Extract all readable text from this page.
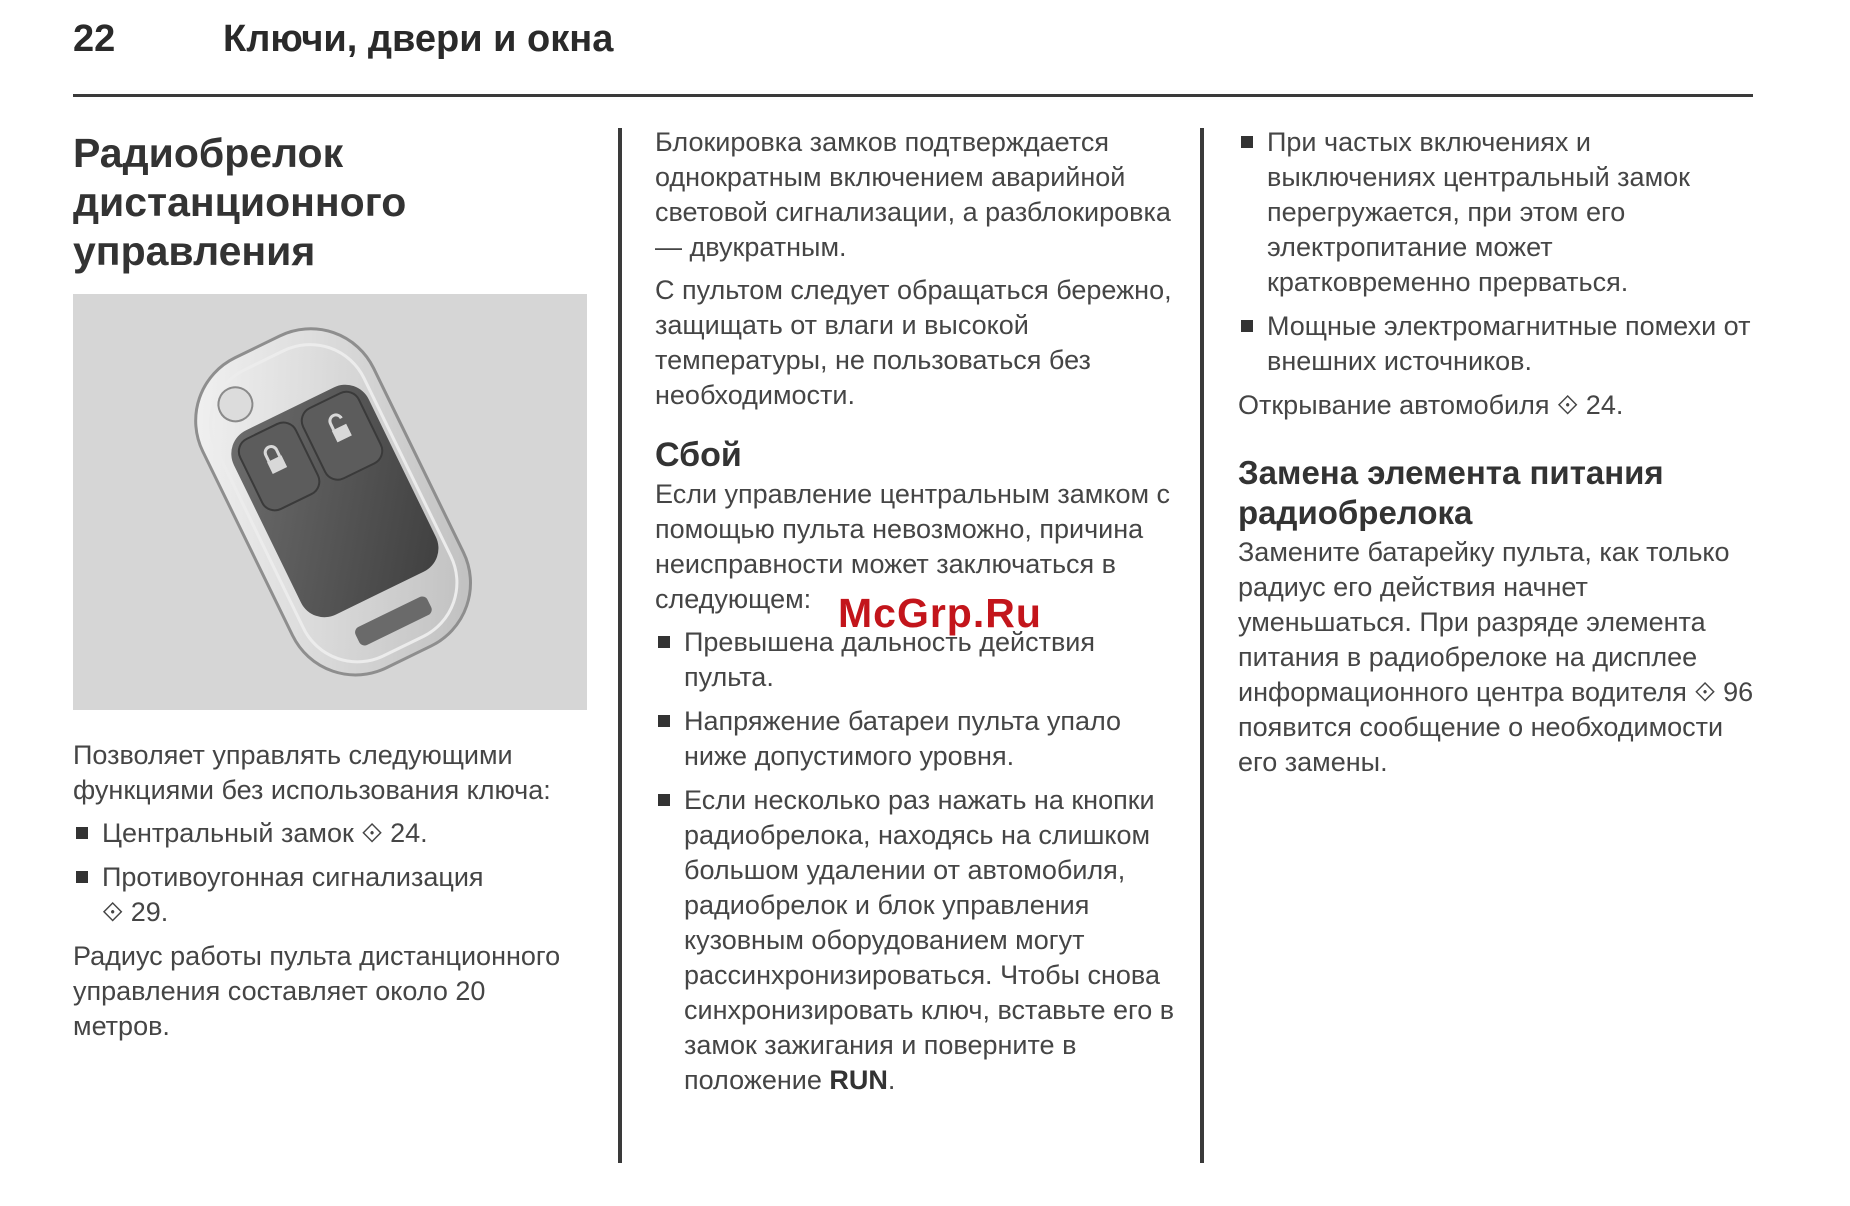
22	Ключи, двери и окна
Радиобрелок дистанционного управления

Позволяет управлять следующими функциями без использования ключа:

Центральный замок ⟐ 24.
Противоугонная сигнализация
⟐ 29.

Радиус работы пульта дистанционного управления составляет около 20 метров.

Блокировка замков подтверждается однократным включением аварийной световой сигнализации, а разблокировка — двукратным.

С пультом следует обращаться бережно, защищать от влаги и высокой температуры, не пользоваться без необходимости.

Сбой

Если управление центральным замком с помощью пульта невозможно, причина неисправности может заключаться в следующем:

Превышена дальность действия пульта.
Напряжение батареи пульта упало ниже допустимого уровня.
Если несколько раз нажать на кнопки радиобрелока, находясь на слишком большом удалении от автомобиля, радиобрелок и блок управления кузовным оборудованием могут рассинхронизироваться. Чтобы снова синхронизировать ключ, вставьте его в замок зажигания и поверните в положение RUN.
При частых включениях и выключениях центральный замок перегружается, при этом его электропитание может кратковременно прерваться.
Мощные электромагнитные помехи от внешних источников.

Открывание автомобиля ⟐ 24.

Замена элемента питания радиобрелока

Замените батарейку пульта, как только радиус его действия начнет уменьшаться. При разряде элемента питания в радиобрелоке на дисплее информационного центра водителя ⟐ 96 появится сообщение о необходимости его замены.

McGrp.Ru
